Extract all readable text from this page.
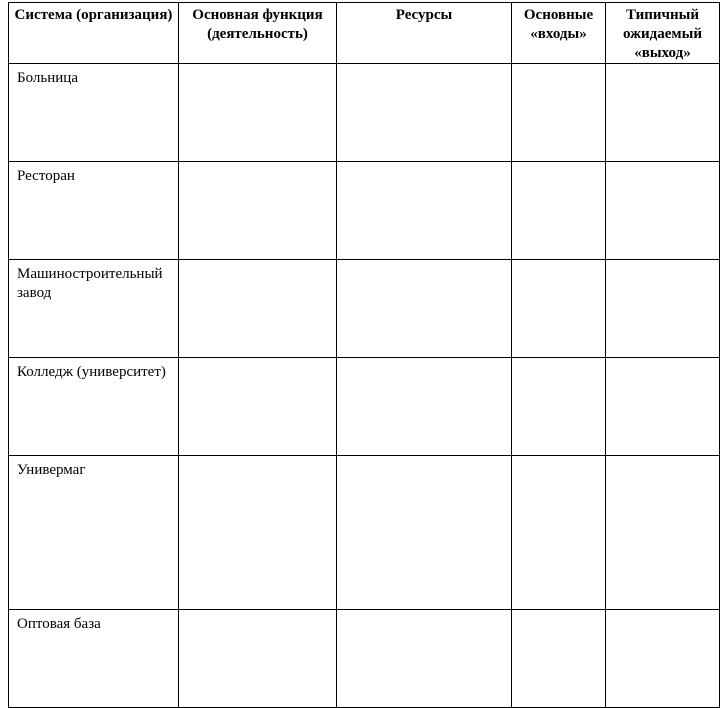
Система (организация)	Основная функция (деятельность)	Ресурсы	Основные «входы»	Типичный ожидаемый «выход»
Больница				
Ресторан				
Машиностроительный завод				
Колледж (университет)				
Универмаг				
Оптовая база				
